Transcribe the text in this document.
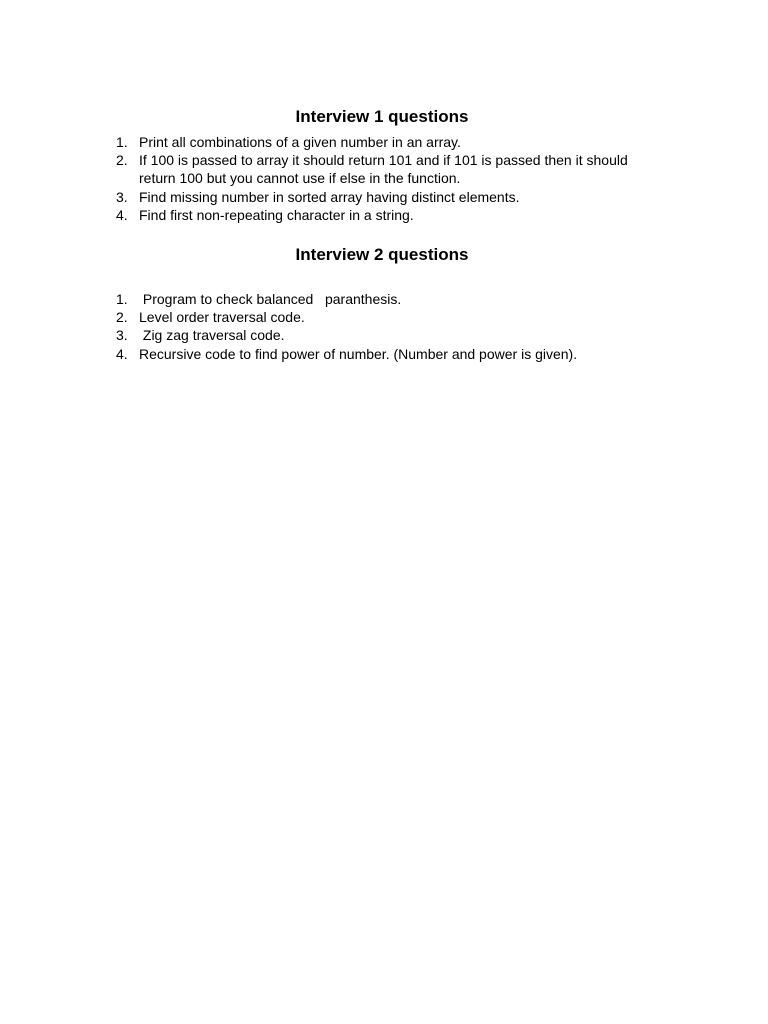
Interview 1 questions
1. Print all combinations of a given number in an array.
2. If 100 is passed to array it should return 101 and if 101 is passed then it should return 100 but you cannot use if else in the function.
3. Find missing number in sorted array having distinct elements.
4. Find first non-repeating character in a string.
Interview 2 questions
1. Program to check balanced   paranthesis.
2. Level order traversal code.
3. Zig zag traversal code.
4. Recursive code to find power of number. (Number and power is given).
